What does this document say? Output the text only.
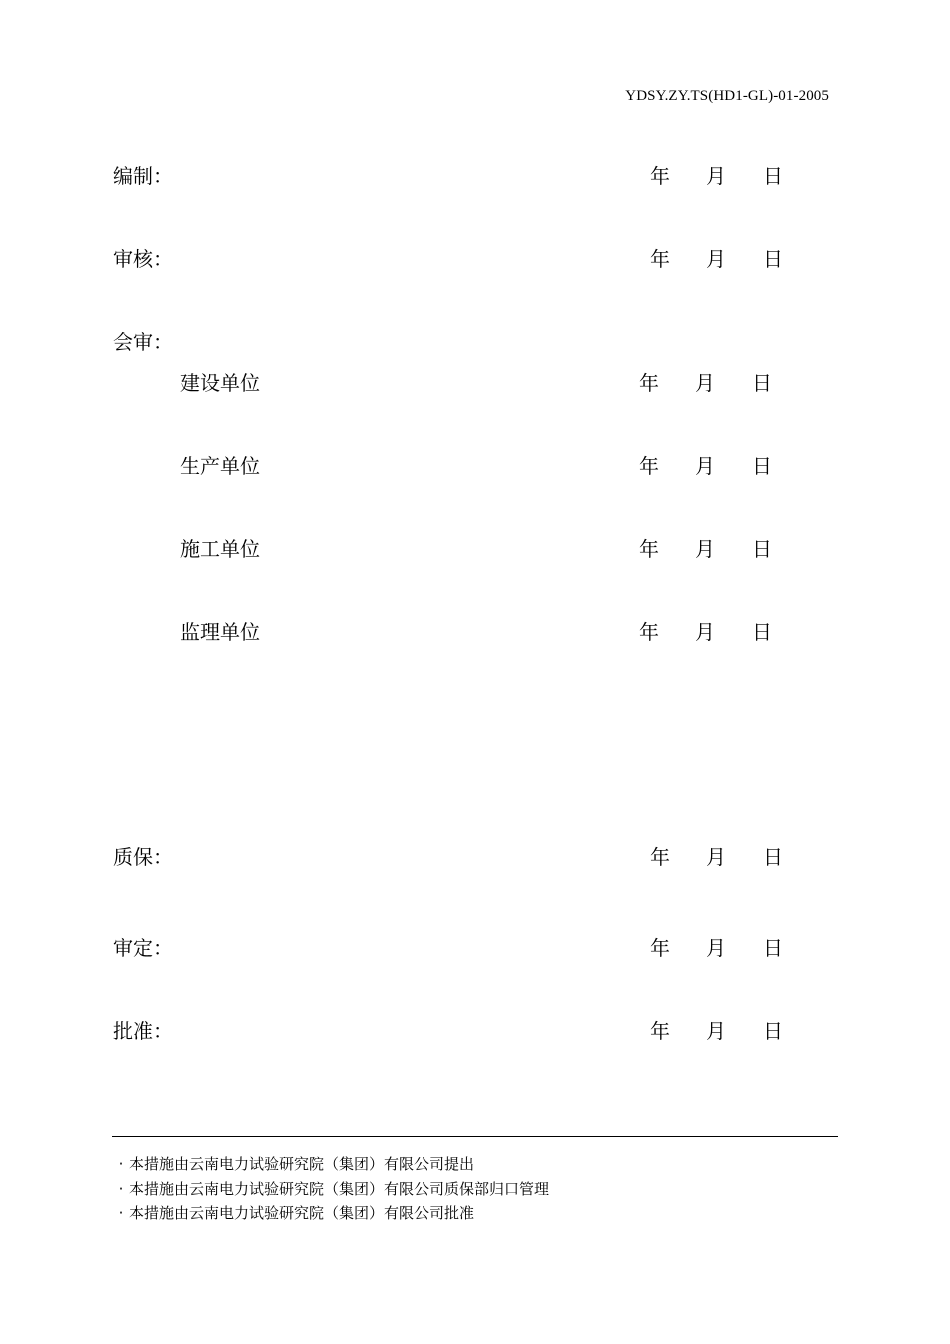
YDSY.ZY.TS(HD1-GL)-01-2005
编制：	年 月 日
审核：	年 月 日
会审：
建设单位	年 月 日
生产单位	年 月 日
施工单位	年 月 日
监理单位	年 月 日
质保：	年 月 日
审定：	年 月 日
批准：	年 月 日
· 本措施由云南电力试验研究院（集团）有限公司提出
· 本措施由云南电力试验研究院（集团）有限公司质保部归口管理
· 本措施由云南电力试验研究院（集团）有限公司批准
